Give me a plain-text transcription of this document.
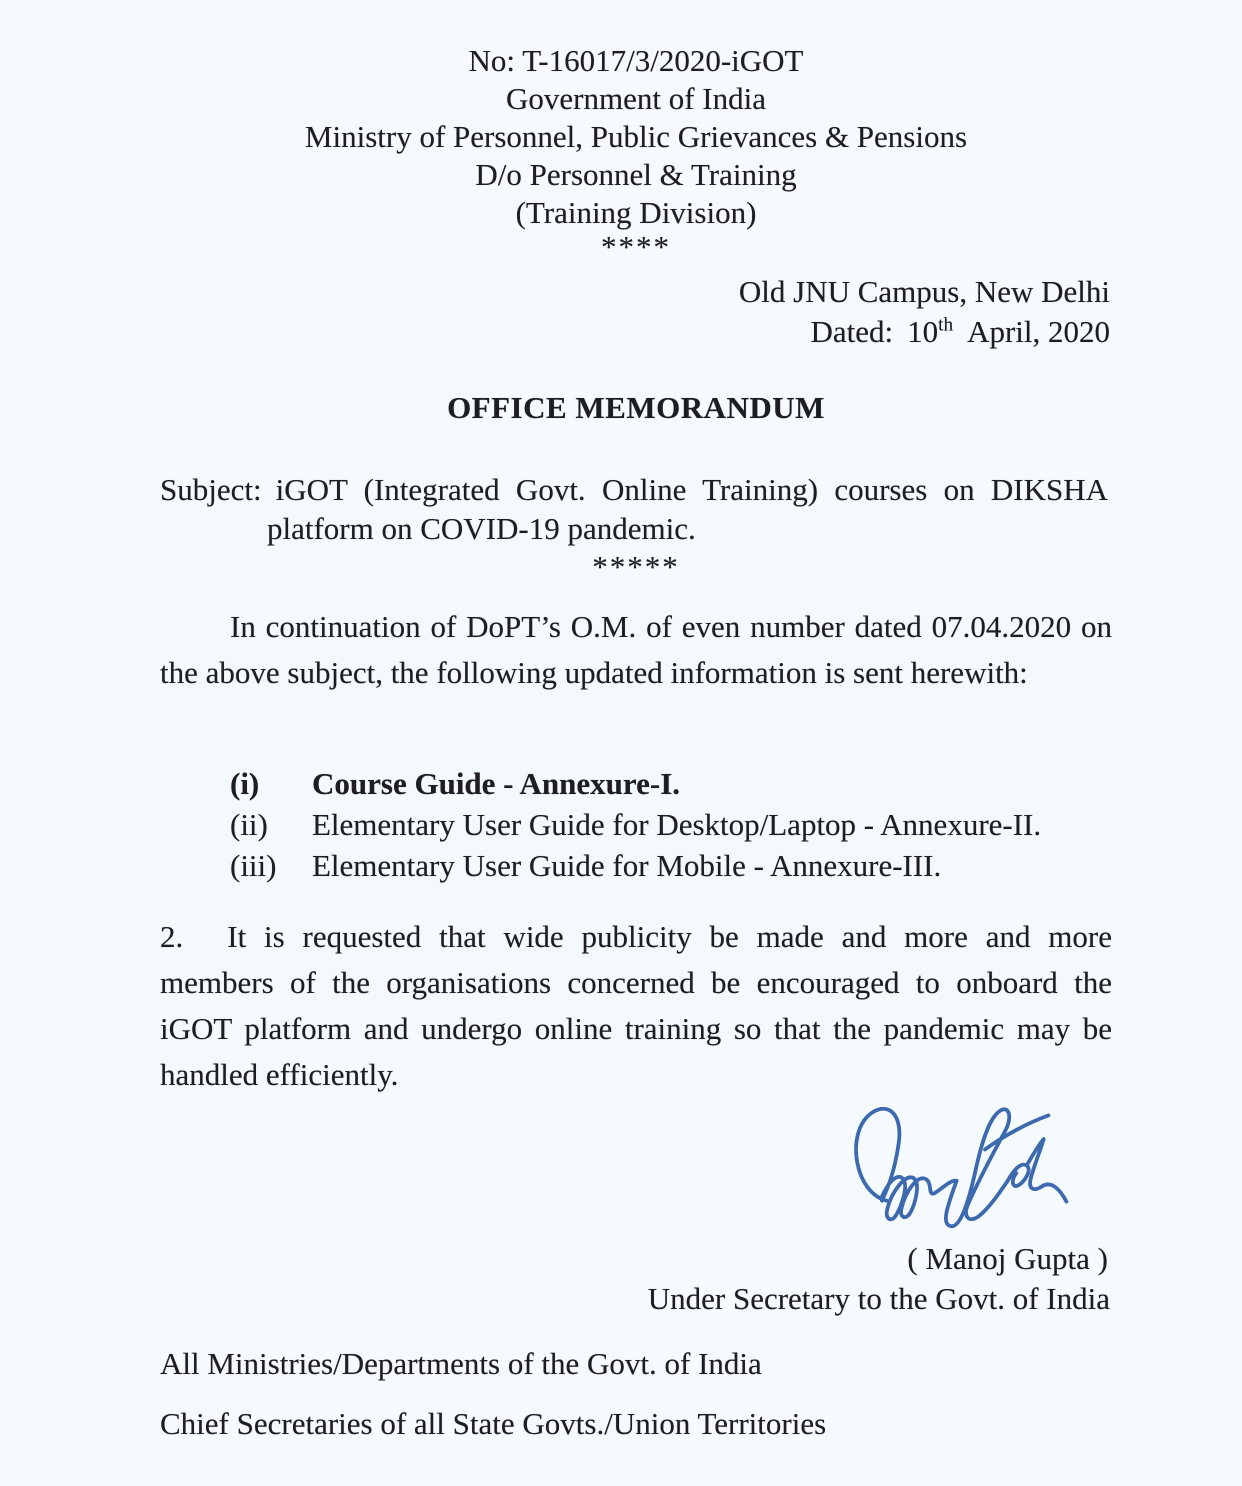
No: T-16017/3/2020-iGOT
Government of India
Ministry of Personnel, Public Grievances & Pensions
D/o Personnel & Training
(Training Division)
****
Old JNU Campus, New Delhi
Dated: 10th April, 2020
OFFICE MEMORANDUM
Subject: iGOT (Integrated Govt. Online Training) courses on DIKSHA platform on COVID-19 pandemic.
*****

In continuation of DoPT’s O.M. of even number dated 07.04.2020 on the above subject, the following updated information is sent herewith:

(i)	Course Guide - Annexure-I.
(ii)	Elementary User Guide for Desktop/Laptop - Annexure-II.
(iii)	Elementary User Guide for Mobile - Annexure-III.

2. It is requested that wide publicity be made and more and more members of the organisations concerned be encouraged to onboard the iGOT platform and undergo online training so that the pandemic may be handled efficiently.

( Manoj Gupta )
Under Secretary to the Govt. of India
All Ministries/Departments of the Govt. of India
Chief Secretaries of all State Govts./Union Territories
